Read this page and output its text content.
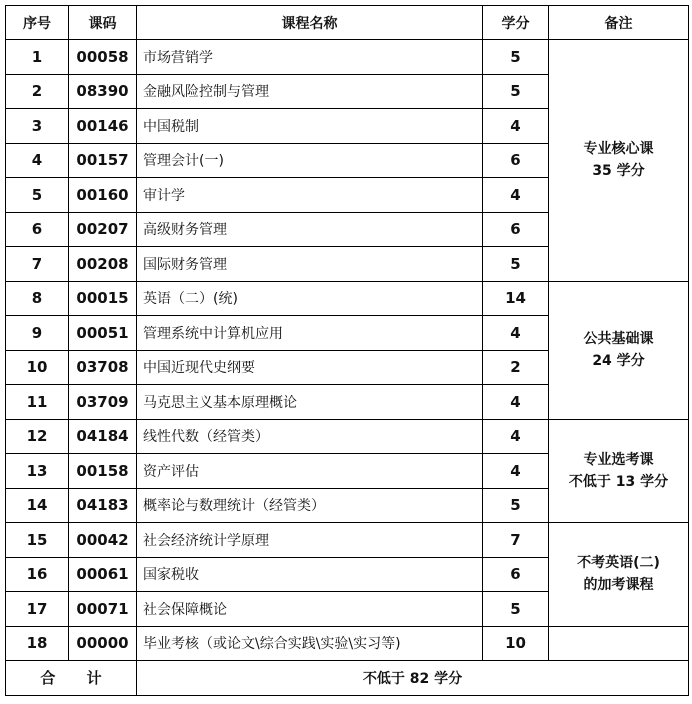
序号	课码	课程名称	学分	备注
1	00058	市场营销学	5	专业核心课
35 学分

2	08390	金融风险控制与管理	5	
3	00146	中国税制	4	
4	00157	管理会计(一)	6	
5	00160	审计学	4	
6	00207	高级财务管理	6	
7	00208	国际财务管理	5	
8	00015	英语（二）(统)	14	公共基础课
24 学分

9	00051	管理系统中计算机应用	4	
10	03708	中国近现代史纲要	2	
11	03709	马克思主义基本原理概论	4	
12	04184	线性代数（经管类）	4	专业选考课
不低于 13 学分

13	00158	资产评估	4	
14	04183	概率论与数理统计（经管类）	5	
15	00042	社会经济统计学原理	7	不考英语(二)
的加考课程

16	00061	国家税收	6	
17	00071	社会保障概论	5	
18	00000	毕业考核（或论文\综合实践\实验\实习等)	10	
合      计		不低于 82 学分		
